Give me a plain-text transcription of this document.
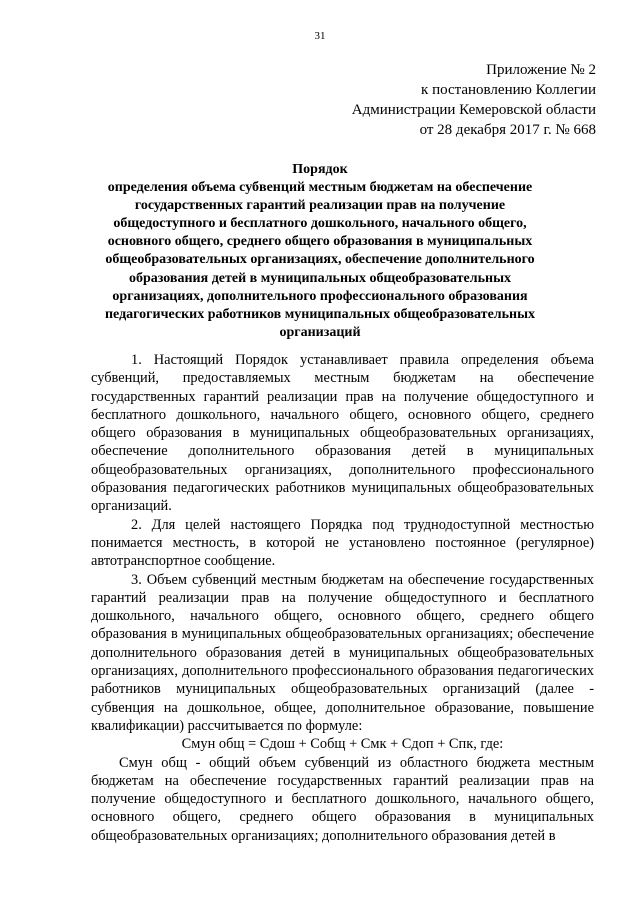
31
Приложение № 2
к постановлению Коллегии
Администрации Кемеровской области
от 28 декабря 2017 г. № 668
Порядок
определения объема субвенций местным бюджетам на обеспечение
государственных гарантий реализации прав на получение
общедоступного и бесплатного дошкольного, начального общего,
основного общего, среднего общего образования в муниципальных
общеобразовательных организациях, обеспечение дополнительного
образования детей в муниципальных общеобразовательных
организациях, дополнительного профессионального образования
педагогических работников муниципальных общеобразовательных
организаций

1. Настоящий Порядок устанавливает правила определения объема субвенций, предоставляемых местным бюджетам на обеспечение государственных гарантий реализации прав на получение общедоступного и бесплатного дошкольного, начального общего, основного общего, среднего общего образования в муниципальных общеобразовательных организациях, обеспечение дополнительного образования детей в муниципальных общеобразовательных организациях, дополнительного профессионального образования педагогических работников муниципальных общеобразовательных организаций.

2. Для целей настоящего Порядка под труднодоступной местностью понимается местность, в которой не установлено постоянное (регулярное) автотранспортное сообщение.

3. Объем субвенций местным бюджетам на обеспечение государственных гарантий реализации прав на получение общедоступного и бесплатного дошкольного, начального общего, основного общего, среднего общего образования в муниципальных общеобразовательных организациях; обеспечение дополнительного образования детей в муниципальных общеобразовательных организациях, дополнительного профессионального образования педагогических работников муниципальных общеобразовательных организаций (далее - субвенция на дошкольное, общее, дополнительное образование, повышение квалификации) рассчитывается по формуле:

Смун общ = Сдош + Собщ + Смк + Сдоп + Спк, где:

Смун общ - общий объем субвенций из областного бюджета местным бюджетам на обеспечение государственных гарантий реализации прав на получение общедоступного и бесплатного дошкольного, начального общего, основного общего, среднего общего образования в муниципальных общеобразовательных организациях; дополнительного образования детей в
